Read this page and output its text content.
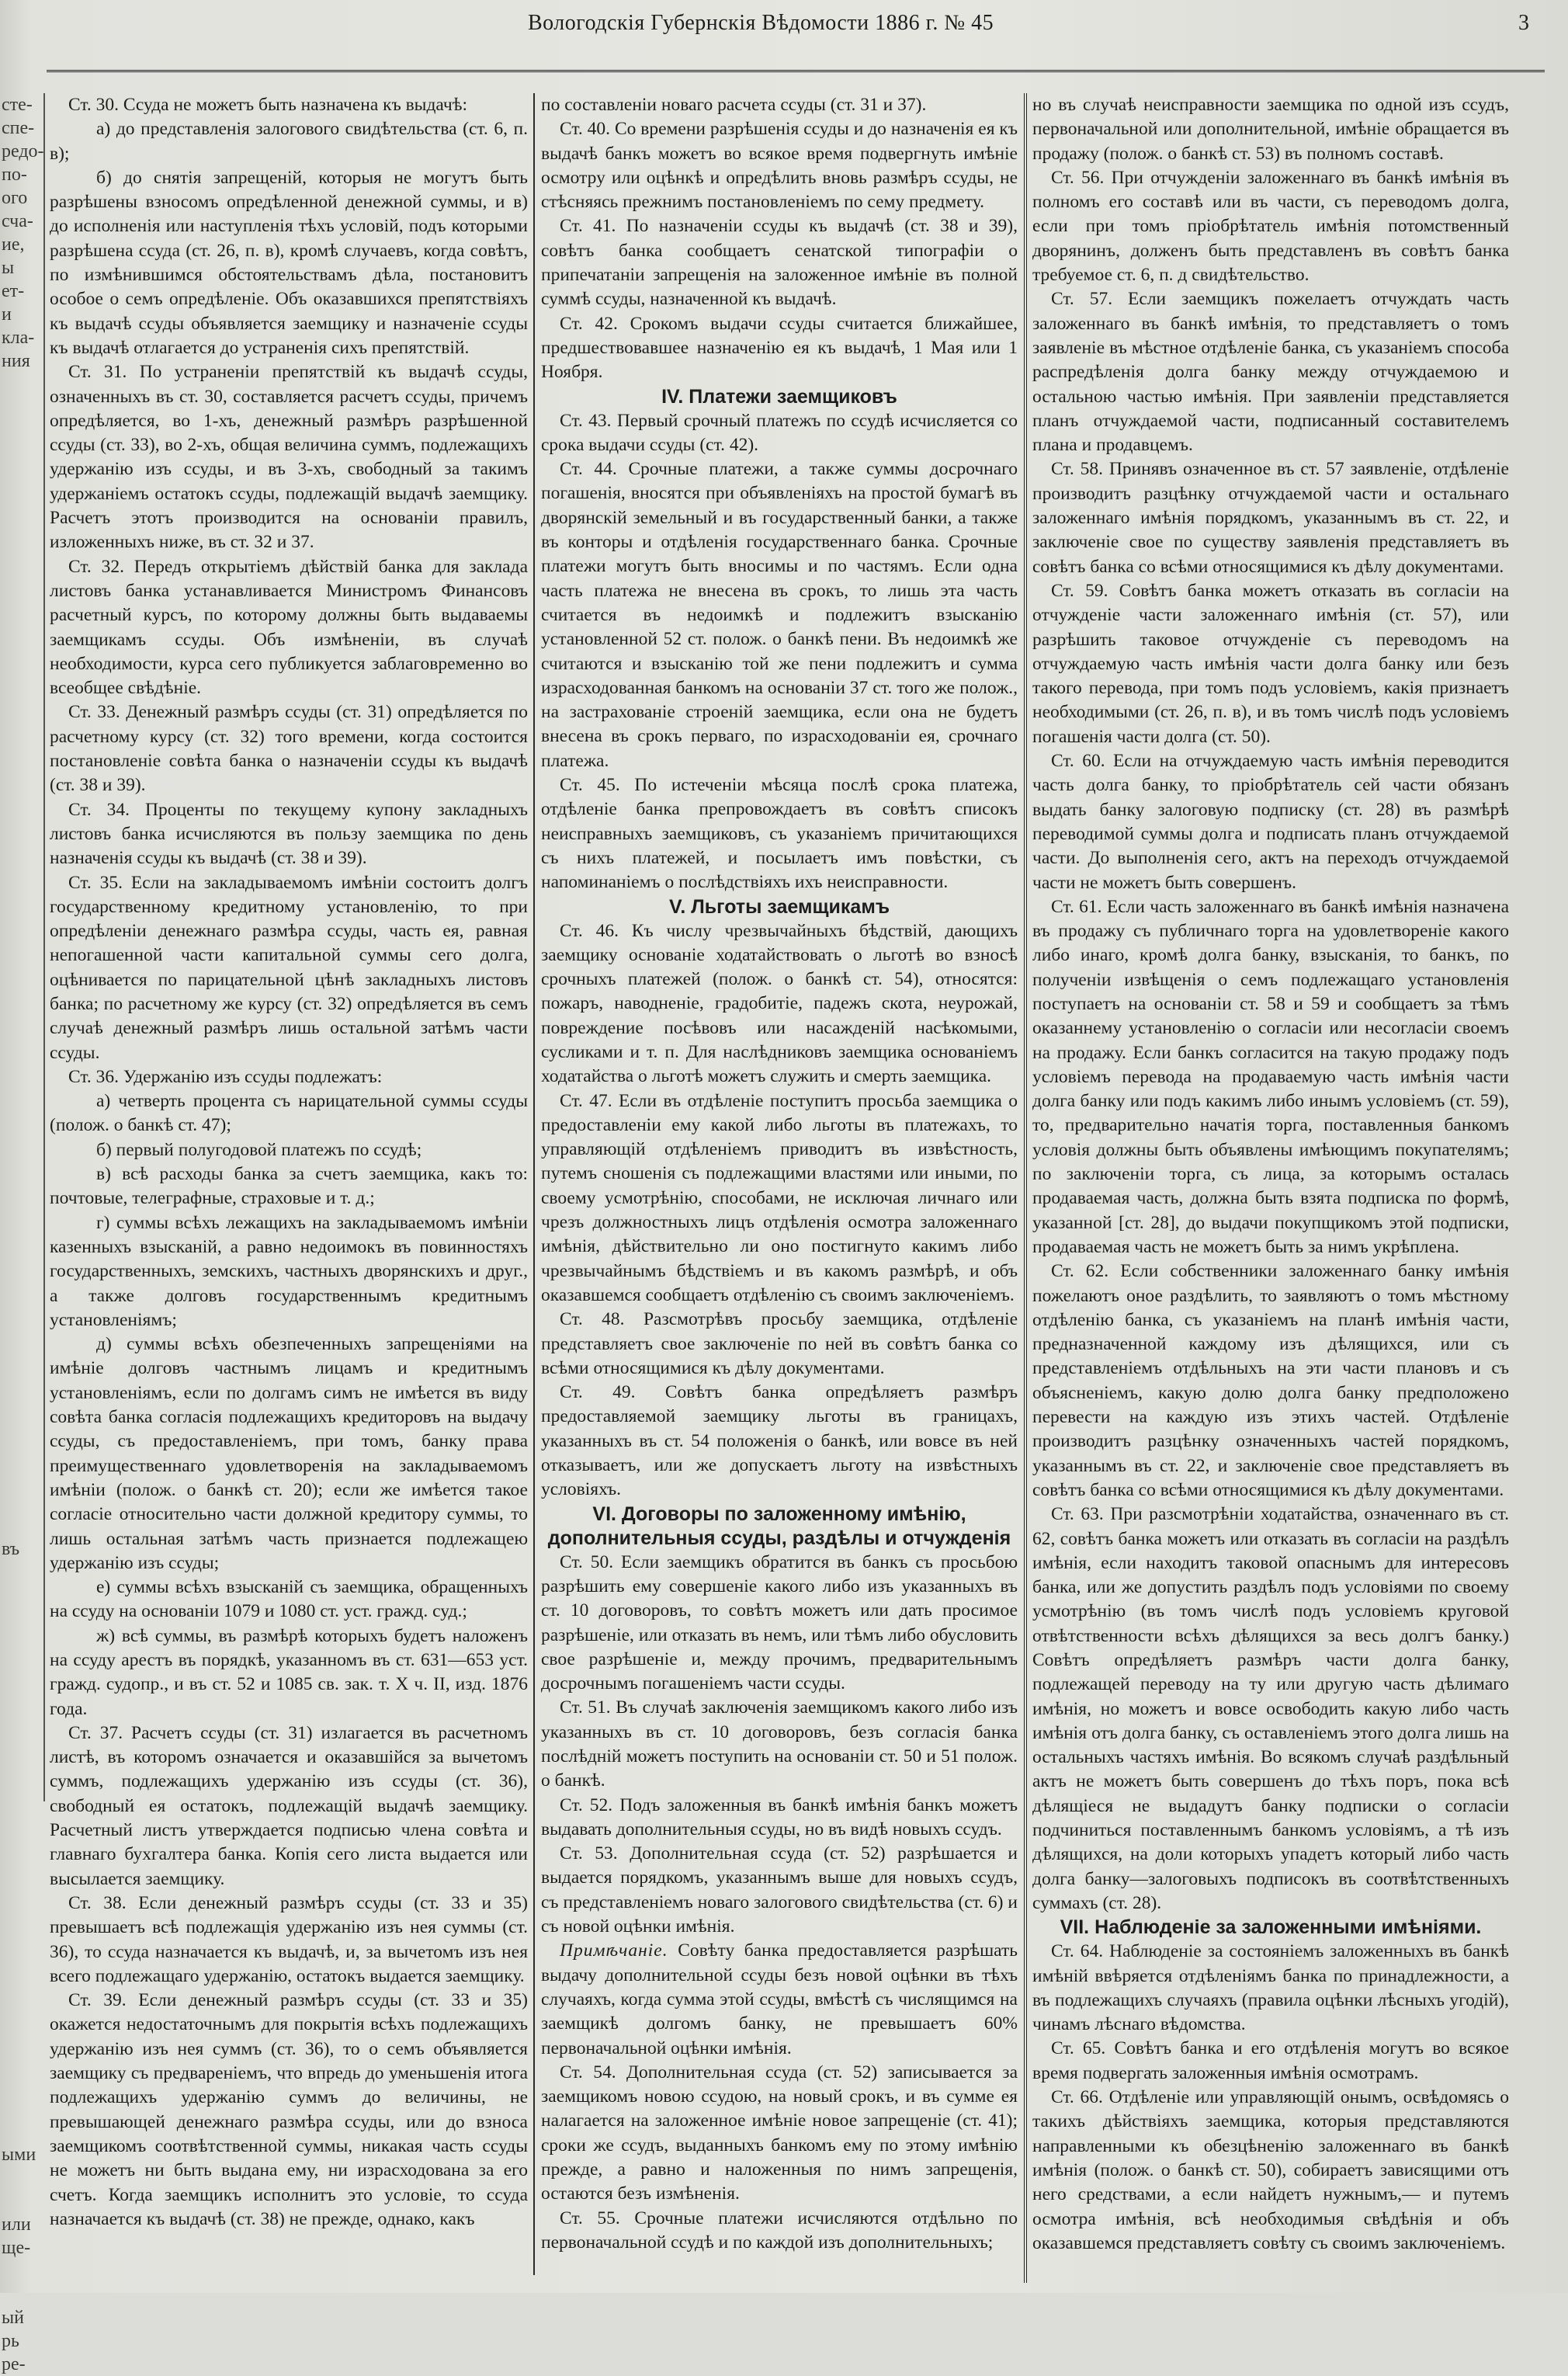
Вологодскія Губернскія Вѣдомости 1886 г. № 45	3
сте-
спе-
редо-
по-
ого
сча-
ие,
ы
ет-
и
кла-
ния

въ

ыми

или
ще-

ый
рь
ре-

Ст. 30. Ссуда не можетъ быть назначена къ выдачѣ:

а) до представленія залогового свидѣтельства (ст. 6, п. в);

б) до снятія запрещеній, которыя не могутъ быть разрѣшены взносомъ опредѣленной денежной суммы, и в) до исполненія или наступленія тѣхъ условій, подъ которыми разрѣшена ссуда (ст. 26, п. в), кромѣ случаевъ, когда совѣтъ, по измѣнившимся обстоятельствамъ дѣла, постановитъ особое о семъ опредѣленіе. Объ оказавшихся препятствіяхъ къ выдачѣ ссуды объявляется заемщику и назначеніе ссуды къ выдачѣ отлагается до устраненія сихъ препятствій.

Ст. 31. По устраненіи препятствій къ выдачѣ ссуды, означенныхъ въ ст. 30, составляется расчетъ ссуды, причемъ опредѣляется, во 1-хъ, денежный размѣръ разрѣшенной ссуды (ст. 33), во 2-хъ, общая величина суммъ, подлежащихъ удержанію изъ ссуды, и въ 3-хъ, свободный за такимъ удержаніемъ остатокъ ссуды, подлежащій выдачѣ заемщику. Расчетъ этотъ производится на основаніи правилъ, изложенныхъ ниже, въ ст. 32 и 37.

Ст. 32. Передъ открытіемъ дѣйствій банка для заклада листовъ банка устанавливается Министромъ Финансовъ расчетный курсъ, по которому должны быть выдаваемы заемщикамъ ссуды. Объ измѣненіи, въ случаѣ необходимости, курса сего публикуется заблаговременно во всеобщее свѣдѣніе.

Ст. 33. Денежный размѣръ ссуды (ст. 31) опредѣляется по расчетному курсу (ст. 32) того времени, когда состоится постановленіе совѣта банка о назначеніи ссуды къ выдачѣ (ст. 38 и 39).

Ст. 34. Проценты по текущему купону закладныхъ листовъ банка исчисляются въ пользу заемщика по день назначенія ссуды къ выдачѣ (ст. 38 и 39).

Ст. 35. Если на закладываемомъ имѣніи состоитъ долгъ государственному кредитному установленію, то при опредѣленіи денежнаго размѣра ссуды, часть ея, равная непогашенной части капитальной суммы сего долга, оцѣнивается по парицательной цѣнѣ закладныхъ листовъ банка; по расчетному же курсу (ст. 32) опредѣляется въ семъ случаѣ денежный размѣръ лишь остальной затѣмъ части ссуды.

Ст. 36. Удержанію изъ ссуды подлежатъ:

а) четверть процента съ нарицательной суммы ссуды (полож. о банкѣ ст. 47);

б) первый полугодовой платежъ по ссудѣ;

в) всѣ расходы банка за счетъ заемщика, какъ то: почтовые, телеграфные, страховые и т. д.;

г) суммы всѣхъ лежащихъ на закладываемомъ имѣніи казенныхъ взысканій, а равно недоимокъ въ повинностяхъ государственныхъ, земскихъ, частныхъ дворянскихъ и друг., а также долговъ государственнымъ кредитнымъ установленіямъ;

д) суммы всѣхъ обезпеченныхъ запрещеніями на имѣніе долговъ частнымъ лицамъ и кредитнымъ установленіямъ, если по долгамъ симъ не имѣется въ виду совѣта банка согласія подлежащихъ кредиторовъ на выдачу ссуды, съ предоставленіемъ, при томъ, банку права преимущественнаго удовлетворенія на закладываемомъ имѣніи (полож. о банкѣ ст. 20); если же имѣется такое согласіе относительно части должной кредитору суммы, то лишь остальная затѣмъ часть признается подлежащею удержанію изъ ссуды;

е) суммы всѣхъ взысканій съ заемщика, обращенныхъ на ссуду на основаніи 1079 и 1080 ст. уст. гражд. суд.;

ж) всѣ суммы, въ размѣрѣ которыхъ будетъ наложенъ на ссуду арестъ въ порядкѣ, указанномъ въ ст. 631—653 уст. гражд. судопр., и въ ст. 52 и 1085 св. зак. т. X ч. II, изд. 1876 года.

Ст. 37. Расчетъ ссуды (ст. 31) излагается въ расчетномъ листѣ, въ которомъ означается и оказавшійся за вычетомъ суммъ, подлежащихъ удержанію изъ ссуды (ст. 36), свободный ея остатокъ, подлежащій выдачѣ заемщику. Расчетный листъ утверждается подписью члена совѣта и главнаго бухгалтера банка. Копія сего листа выдается или высылается заемщику.

Ст. 38. Если денежный размѣръ ссуды (ст. 33 и 35) превышаетъ всѣ подлежащія удержанію изъ нея суммы (ст. 36), то ссуда назначается къ выдачѣ, и, за вычетомъ изъ нея всего подлежащаго удержанію, остатокъ выдается заемщику.

Ст. 39. Если денежный размѣръ ссуды (ст. 33 и 35) окажется недостаточнымъ для покрытія всѣхъ подлежащихъ удержанію изъ нея суммъ (ст. 36), то о семъ объявляется заемщику съ предваренiемъ, что впредь до уменьшенія итога подлежащихъ удержанію суммъ до величины, не превышающей денежнаго размѣра ссуды, или до взноса заемщикомъ соотвѣтственной суммы, никакая часть ссуды не можетъ ни быть выдана ему, ни израсходована за его счетъ. Когда заемщикъ исполнитъ это условіе, то ссуда назначается къ выдачѣ (ст. 38) не прежде, однако, какъ

по составленіи новаго расчета ссуды (ст. 31 и 37).

Ст. 40. Со времени разрѣшенія ссуды и до назначенія ея къ выдачѣ банкъ можетъ во всякое время подвергнуть имѣніе осмотру или оцѣнкѣ и опредѣлить вновь размѣръ ссуды, не стѣсняясь прежнимъ постановленіемъ по сему предмету.

Ст. 41. По назначеніи ссуды къ выдачѣ (ст. 38 и 39), совѣтъ банка сообщаетъ сенатской типографіи о припечатаніи запрещенія на заложенное имѣніе въ полной суммѣ ссуды, назначенной къ выдачѣ.

Ст. 42. Срокомъ выдачи ссуды считается ближайшее, предшествовавшее назначенію ея къ выдачѣ, 1 Мая или 1 Ноября.

IV. Платежи заемщиковъ

Ст. 43. Первый срочный платежъ по ссудѣ исчисляется со срока выдачи ссуды (ст. 42).

Ст. 44. Срочные платежи, а также суммы досрочнаго погашенія, вносятся при объявленіяхъ на простой бумагѣ въ дворянскій земельный и въ государственный банки, а также въ конторы и отдѣленія государственнаго банка. Срочные платежи могутъ быть вносимы и по частямъ. Если одна часть платежа не внесена въ срокъ, то лишь эта часть считается въ недоимкѣ и подлежитъ взысканію установленной 52 ст. полож. о банкѣ пени. Въ недоимкѣ же считаются и взысканію той же пени подлежитъ и сумма израсходованная банкомъ на основаніи 37 ст. того же полож., на застрахованіе строеній заемщика, если она не будетъ внесена въ срокъ перваго, по израсходованіи ея, срочнаго платежа.

Ст. 45. По истеченіи мѣсяца послѣ срока платежа, отдѣленіе банка препровождаетъ въ совѣтъ списокъ неисправныхъ заемщиковъ, съ указаніемъ причитающихся съ нихъ платежей, и посылаетъ имъ повѣстки, съ напоминаніемъ о послѣдствіяхъ ихъ неисправности.

V. Льготы заемщикамъ

Ст. 46. Къ числу чрезвычайныхъ бѣдствій, дающихъ заемщику основаніе ходатайствовать о льготѣ во взносѣ срочныхъ платежей (полож. о банкѣ ст. 54), относятся: пожаръ, наводненіе, градобитіе, падежъ скота, неурожай, повреждение посѣвовъ или насажденій насѣкомыми, сусликами и т. п. Для наслѣдниковъ заемщика основаніемъ ходатайства о льготѣ можетъ служить и смерть заемщика.

Ст. 47. Если въ отдѣленіе поступитъ просьба заемщика о предоставленіи ему какой либо льготы въ платежахъ, то управляющій отдѣленіемъ приводитъ въ извѣстность, путемъ сношенія съ подлежащими властями или иными, по своему усмотрѣнію, способами, не исключая личнаго или чрезъ должностныхъ лицъ отдѣленія осмотра заложеннаго имѣнія, дѣйствительно ли оно постигнуто какимъ либо чрезвычайнымъ бѣдствіемъ и въ какомъ размѣрѣ, и объ оказавшемся сообщаетъ отдѣленію съ своимъ заключеніемъ.

Ст. 48. Разсмотрѣвъ просьбу заемщика, отдѣленіе представляетъ свое заключеніе по ней въ совѣтъ банка со всѣми относящимися къ дѣлу документами.

Ст. 49. Совѣтъ банка опредѣляетъ размѣръ предоставляемой заемщику льготы въ границахъ, указанныхъ въ ст. 54 положенія о банкѣ, или вовсе въ ней отказываетъ, или же допускаетъ льготу на извѣстныхъ условіяхъ.

VI. Договоры по заложенному имѣнію, дополнительныя ссуды, раздѣлы и отчужденія

Ст. 50. Если заемщикъ обратится въ банкъ съ просьбою разрѣшить ему совершеніе какого либо изъ указанныхъ въ ст. 10 договоровъ, то совѣтъ можетъ или дать просимое разрѣшеніе, или отказать въ немъ, или тѣмъ либо обусловить свое разрѣшеніе и, между прочимъ, предварительнымъ досрочнымъ погашеніемъ части ссуды.

Ст. 51. Въ случаѣ заключенія заемщикомъ какого либо изъ указанныхъ въ ст. 10 договоровъ, безъ согласія банка послѣдній можетъ поступить на основаніи ст. 50 и 51 полож. о банкѣ.

Ст. 52. Подъ заложенныя въ банкѣ имѣнія банкъ можетъ выдавать дополнительныя ссуды, но въ видѣ новыхъ ссудъ.

Ст. 53. Дополнительная ссуда (ст. 52) разрѣшается и выдается порядкомъ, указаннымъ выше для новыхъ ссудъ, съ представленіемъ новаго залогового свидѣтельства (ст. 6) и съ новой оцѣнки имѣнія.

Примѣчаніе. Совѣту банка предоставляется разрѣшать выдачу дополнительной ссуды безъ новой оцѣнки въ тѣхъ случаяхъ, когда сумма этой ссуды, вмѣстѣ съ числящимся на заемщикѣ долгомъ банку, не превышаетъ 60% первоначальной оцѣнки имѣнія.

Ст. 54. Дополнительная ссуда (ст. 52) записывается за заемщикомъ новою ссудою, на новый срокъ, и въ сумме ея налагается на заложенное имѣніе новое запрещеніе (ст. 41); сроки же ссудъ, выданныхъ банкомъ ему по этому имѣнію прежде, а равно и наложенныя по нимъ запрещенія, остаются безъ измѣненія.

Ст. 55. Срочные платежи исчисляются отдѣльно по первоначальной ссудѣ и по каждой изъ дополнительныхъ;

но въ случаѣ неисправности заемщика по одной изъ ссудъ, первоначальной или дополнительной, имѣніе обращается въ продажу (полож. о банкѣ ст. 53) въ полномъ составѣ.

Ст. 56. При отчужденіи заложеннаго въ банкѣ имѣнія въ полномъ его составѣ или въ части, съ переводомъ долга, если при томъ пріобрѣтатель имѣнія потомственный дворянинъ, долженъ быть представленъ въ совѣтъ банка требуемое ст. 6, п. д свидѣтельство.

Ст. 57. Если заемщикъ пожелаетъ отчуждать часть заложеннаго въ банкѣ имѣнія, то представляетъ о томъ заявленіе въ мѣстное отдѣленіе банка, съ указаніемъ способа распредѣленія долга банку между отчуждаемою и остальною частью имѣнія. При заявленіи представляется планъ отчуждаемой части, подписанный составителемъ плана и продавцемъ.

Ст. 58. Принявъ означенное въ ст. 57 заявленіе, отдѣленіе производитъ разцѣнку отчуждаемой части и остальнаго заложеннаго имѣнія порядкомъ, указаннымъ въ ст. 22, и заключеніе свое по существу заявленія представляетъ въ совѣтъ банка со всѣми относящимися къ дѣлу документами.

Ст. 59. Совѣтъ банка можетъ отказать въ согласіи на отчужденіе части заложеннаго имѣнія (ст. 57), или разрѣшить таковое отчужденіе съ переводомъ на отчуждаемую часть имѣнія части долга банку или безъ такого перевода, при томъ подъ условіемъ, какія признаетъ необходимыми (ст. 26, п. в), и въ томъ числѣ подъ условіемъ погашенія части долга (ст. 50).

Ст. 60. Если на отчуждаемую часть имѣнія переводится часть долга банку, то пріобрѣтатель сей части обязанъ выдать банку залоговую подписку (ст. 28) въ размѣрѣ переводимой суммы долга и подписать планъ отчуждаемой части. До выполненія сего, актъ на переходъ отчуждаемой части не можетъ быть совершенъ.

Ст. 61. Если часть заложеннаго въ банкѣ имѣнія назначена въ продажу съ публичнаго торга на удовлетвореніе какого либо инаго, кромѣ долга банку, взысканія, то банкъ, по полученіи извѣщенія о семъ подлежащаго установленія поступаетъ на основаніи ст. 58 и 59 и сообщаетъ за тѣмъ оказаннему установленію о согласіи или несогласіи своемъ на продажу. Если банкъ согласится на такую продажу подъ условіемъ перевода на продаваемую часть имѣнія части долга банку или подъ какимъ либо инымъ условіемъ (ст. 59), то, предварительно начатія торга, поставленныя банкомъ условія должны быть объявлены имѣющимъ покупателямъ; по заключеніи торга, съ лица, за которымъ осталась продаваемая часть, должна быть взята подписка по формѣ, указанной [ст. 28], до выдачи покупщикомъ этой подписки, продаваемая часть не можетъ быть за нимъ укрѣплена.

Ст. 62. Если собственники заложеннаго банку имѣнія пожелаютъ оное раздѣлить, то заявляютъ о томъ мѣстному отдѣленію банка, съ указаніемъ на планѣ имѣнія части, предназначенной каждому изъ дѣлящихся, или съ представленіемъ отдѣльныхъ на эти части плановъ и съ объясненіемъ, какую долю долга банку предположено перевести на каждую изъ этихъ частей. Отдѣленіе производитъ разцѣнку означенныхъ частей порядкомъ, указаннымъ въ ст. 22, и заключеніе свое представляетъ въ совѣтъ банка со всѣми относящимися къ дѣлу документами.

Ст. 63. При разсмотрѣніи ходатайства, означеннаго въ ст. 62, совѣтъ банка можетъ или отказать въ согласіи на раздѣлъ имѣнія, если находитъ таковой опаснымъ для интересовъ банка, или же допустить раздѣлъ подъ условіями по своему усмотрѣнію (въ томъ числѣ подъ условіемъ круговой отвѣтственности всѣхъ дѣлящихся за весь долгъ банку.) Совѣтъ опредѣляетъ размѣръ части долга банку, подлежащей переводу на ту или другую часть дѣлимаго имѣнія, но можетъ и вовсе освободить какую либо часть имѣнія отъ долга банку, съ оставленіемъ этого долга лишь на остальныхъ частяхъ имѣнія. Во всякомъ случаѣ раздѣльный актъ не можетъ быть совершенъ до тѣхъ поръ, пока всѣ дѣлящіеся не выдадутъ банку подписки о согласіи подчиниться поставленнымъ банкомъ условіямъ, а тѣ изъ дѣлящихся, на доли которыхъ упадетъ который либо часть долга банку—залоговыхъ подписокъ въ соотвѣтственныхъ суммахъ (ст. 28).

VII. Наблюденіе за заложенными имѣніями.

Ст. 64. Наблюденіе за состояніемъ заложенныхъ въ банкѣ имѣній ввѣряется отдѣленіямъ банка по принадлежности, а въ подлежащихъ случаяхъ (правила оцѣнки лѣсныхъ угодій), чинамъ лѣснаго вѣдомства.

Ст. 65. Совѣтъ банка и его отдѣленія могутъ во всякое время подвергать заложенныя имѣнія осмотрамъ.

Ст. 66. Отдѣленіе или управляющій онымъ, освѣдомясь о такихъ дѣйствіяхъ заемщика, которыя представляются направленными къ обезцѣненію заложеннаго въ банкѣ имѣнія (полож. о банкѣ ст. 50), собираетъ зависящими отъ него средствами, а если найдетъ нужнымъ,— и путемъ осмотра имѣнія, всѣ необходимыя свѣдѣнія и объ оказавшемся представляетъ совѣту съ своимъ заключеніемъ.
